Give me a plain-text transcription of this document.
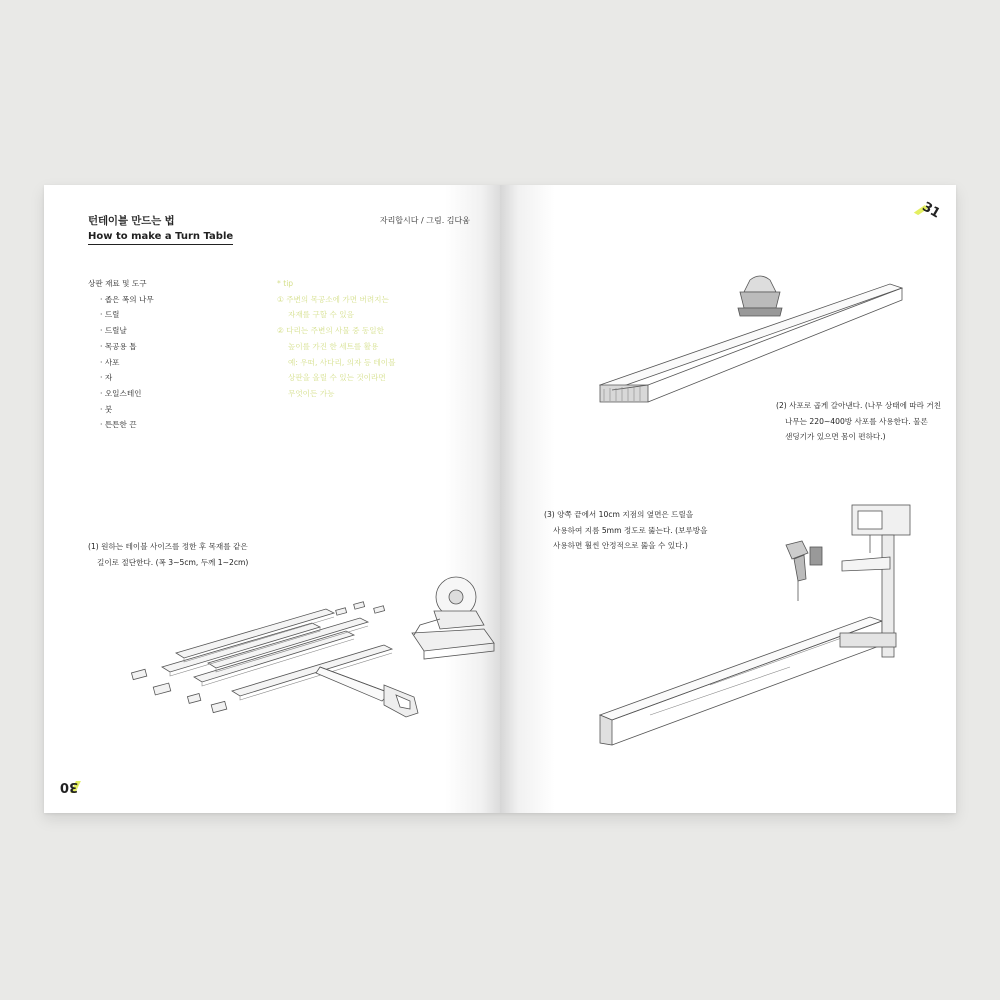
턴테이블 만드는 법
How to make a Turn Table
자리합시다 / 그림. 김다움
상판 재료 및 도구
· 좁은 폭의 나무
· 드릴
· 드릴날
· 목공용 톱
· 사포
· 자
· 오일스테인
· 붓
· 튼튼한 끈
* tip
① 주변의 목공소에 가면 버려지는
자재를 구할 수 있음
② 다리는 주변의 사물 중 동일한
높이를 가진 한 세트를 활용
예: 우떠, 사다리, 의자 등 테이블
상판을 올릴 수 있는 것이라면
무엇이든 가능
(1) 원하는 테이블 사이즈를 정한 후 목재를 같은
길이로 절단한다. (폭 3~5cm, 두께 1~2cm)
30
31
(2) 사포로 곱게 갈아낸다. (나무 상태에 따라 거친
나무는 220~400방 사포를 사용한다. 물론
샌딩기가 있으면 몸이 편하다.)
(3) 양쪽 끝에서 10cm 지점의 옆면은 드릴을
사용하여 지름 5mm 정도로 뚫는다. (보루방을
사용하면 훨씬 안정적으로 뚫을 수 있다.)
